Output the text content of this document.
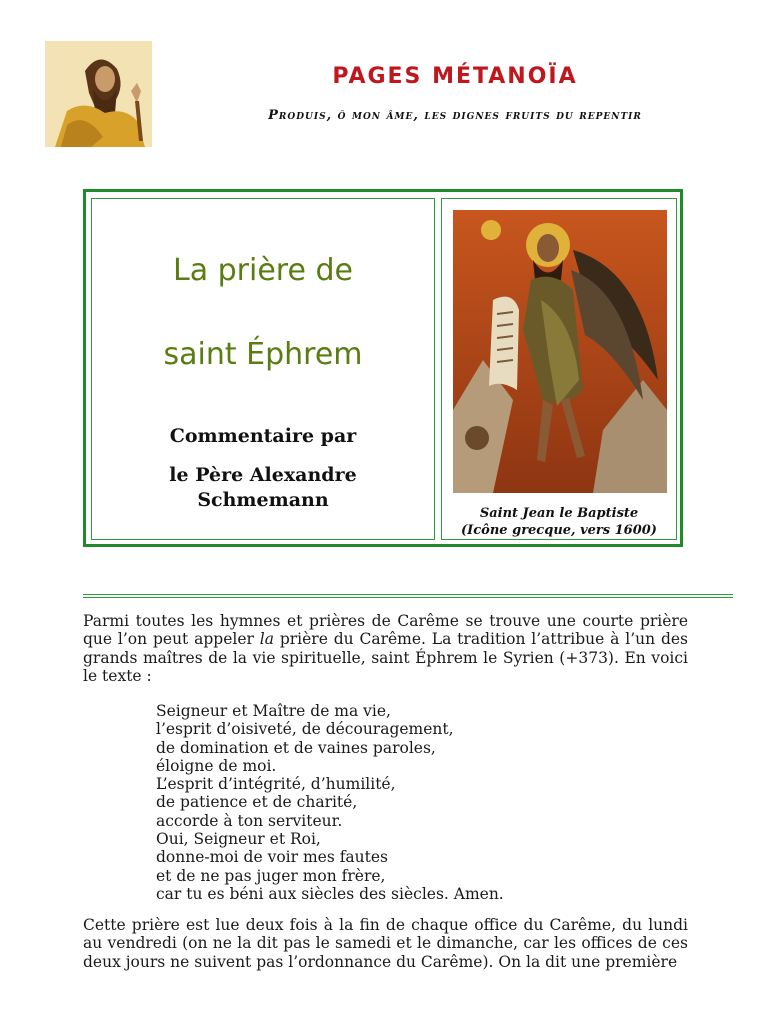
PAGES MÉTANOÏA
Produis, ô mon âme, les dignes fruits du repentir
La prière de
saint Éphrem
Commentaire par
le Père Alexandre
Schmemann
Saint Jean le Baptiste
(Icône grecque, vers 1600)
Parmi toutes les hymnes et prières de Carême se trouve une courte prière que l’on peut appeler la prière du Carême. La tradition l’attribue à l’un des grands maîtres de la vie spirituelle, saint Éphrem le Syrien (+373). En voici le texte :
Seigneur et Maître de ma vie,
l’esprit d’oisiveté, de découragement,
de domination et de vaines paroles,
éloigne de moi.
L’esprit d’intégrité, d’humilité,
de patience et de charité,
accorde à ton serviteur.
Oui, Seigneur et Roi,
donne-moi de voir mes fautes
et de ne pas juger mon frère,
car tu es béni aux siècles des siècles. Amen.
Cette prière est lue deux fois à la fin de chaque office du Carême, du lundi au vendredi (on ne la dit pas le samedi et le dimanche, car les offices de ces deux jours ne suivent pas l’ordonnance du Carême). On la dit une première
